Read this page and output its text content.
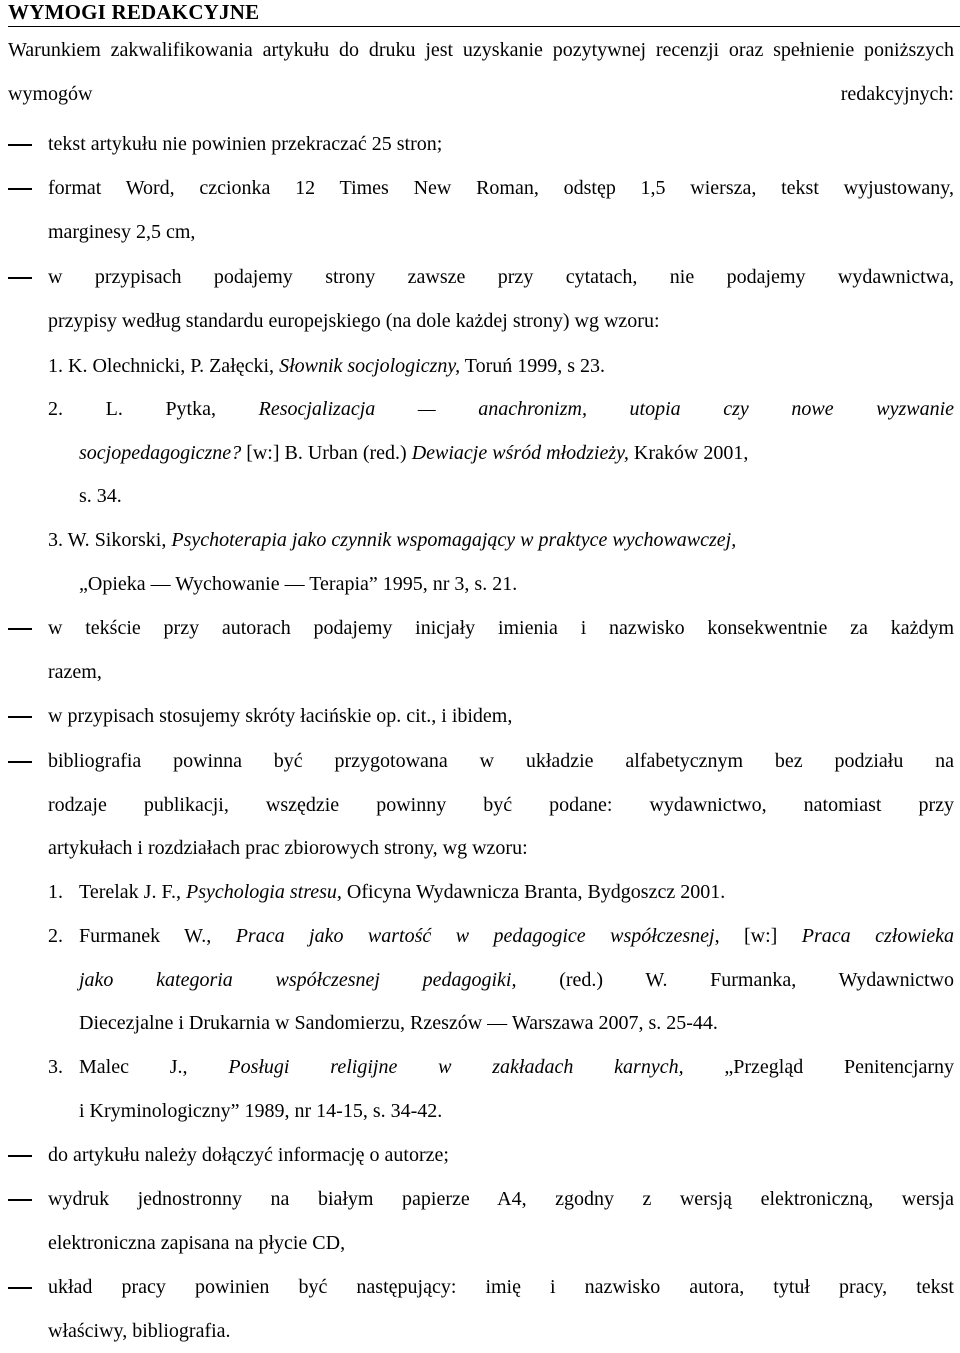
WYMOGI REDAKCYJNE
Warunkiem zakwalifikowania artykułu do druku jest uzyskanie pozytywnej recenzji oraz spełnienie poniższych wymogów redakcyjnych:
tekst artykułu nie powinien przekraczać 25 stron;
format Word, czcionka 12 Times New Roman, odstęp 1,5 wiersza, tekst wyjustowany,
marginesy 2,5 cm,
w przypisach podajemy strony zawsze przy cytatach, nie podajemy wydawnictwa,
przypisy według standardu europejskiego (na dole każdej strony) wg wzoru:
1. K. Olechnicki, P. Załęcki, Słownik socjologiczny, Toruń 1999, s 23.
2. L. Pytka, Resocjalizacja — anachronizm, utopia czy nowe wyzwanie
socjopedagogiczne? [w:] B. Urban (red.) Dewiacje wśród młodzieży, Kraków 2001,
s. 34.
3. W. Sikorski, Psychoterapia jako czynnik wspomagający w praktyce wychowawczej,
„Opieka — Wychowanie — Terapia” 1995, nr 3, s. 21.
w tekście przy autorach podajemy inicjały imienia i nazwisko konsekwentnie za każdym
razem,
w przypisach stosujemy skróty łacińskie op. cit., i ibidem,
bibliografia powinna być przygotowana w układzie alfabetycznym bez podziału na
rodzaje publikacji, wszędzie powinny być podane: wydawnictwo, natomiast przy
artykułach i rozdziałach prac zbiorowych strony, wg wzoru:
1. Terelak J. F., Psychologia stresu, Oficyna Wydawnicza Branta, Bydgoszcz 2001.
2. Furmanek W., Praca jako wartość w pedagogice współczesnej, [w:] Praca człowieka
jako kategoria współczesnej pedagogiki, (red.) W. Furmanka, Wydawnictwo
Diecezjalne i Drukarnia w Sandomierzu, Rzeszów — Warszawa 2007, s. 25-44.
3. Malec J., Posługi religijne w zakładach karnych, „Przegląd Penitencjarny
i Kryminologiczny” 1989, nr 14-15, s. 34-42.
do artykułu należy dołączyć informację o autorze;
wydruk jednostronny na białym papierze A4, zgodny z wersją elektroniczną, wersja
elektroniczna zapisana na płycie CD,
układ pracy powinien być następujący: imię i nazwisko autora, tytuł pracy, tekst
właściwy, bibliografia.
